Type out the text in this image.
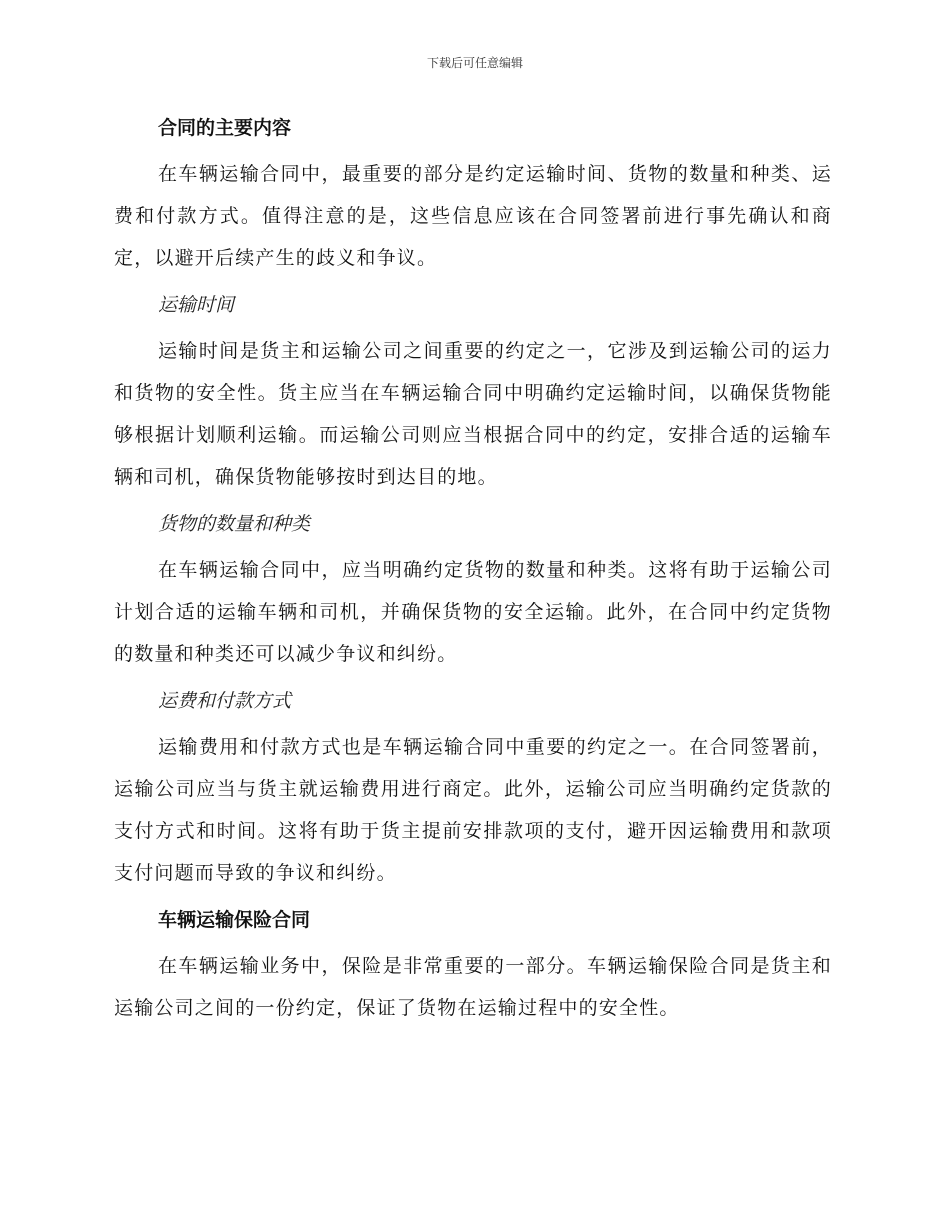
下载后可任意编辑
合同的主要内容

在车辆运输合同中，最重要的部分是约定运输时间、货物的数量和种类、运费和付款方式。值得注意的是，这些信息应该在合同签署前进行事先确认和商定，以避开后续产生的歧义和争议。

运输时间

运输时间是货主和运输公司之间重要的约定之一，它涉及到运输公司的运力和货物的安全性。货主应当在车辆运输合同中明确约定运输时间，以确保货物能够根据计划顺利运输。而运输公司则应当根据合同中的约定，安排合适的运输车辆和司机，确保货物能够按时到达目的地。

货物的数量和种类

在车辆运输合同中，应当明确约定货物的数量和种类。这将有助于运输公司计划合适的运输车辆和司机，并确保货物的安全运输。此外，在合同中约定货物的数量和种类还可以减少争议和纠纷。

运费和付款方式

运输费用和付款方式也是车辆运输合同中重要的约定之一。在合同签署前，运输公司应当与货主就运输费用进行商定。此外，运输公司应当明确约定货款的支付方式和时间。这将有助于货主提前安排款项的支付，避开因运输费用和款项支付问题而导致的争议和纠纷。

车辆运输保险合同

在车辆运输业务中，保险是非常重要的一部分。车辆运输保险合同是货主和运输公司之间的一份约定，保证了货物在运输过程中的安全性。
